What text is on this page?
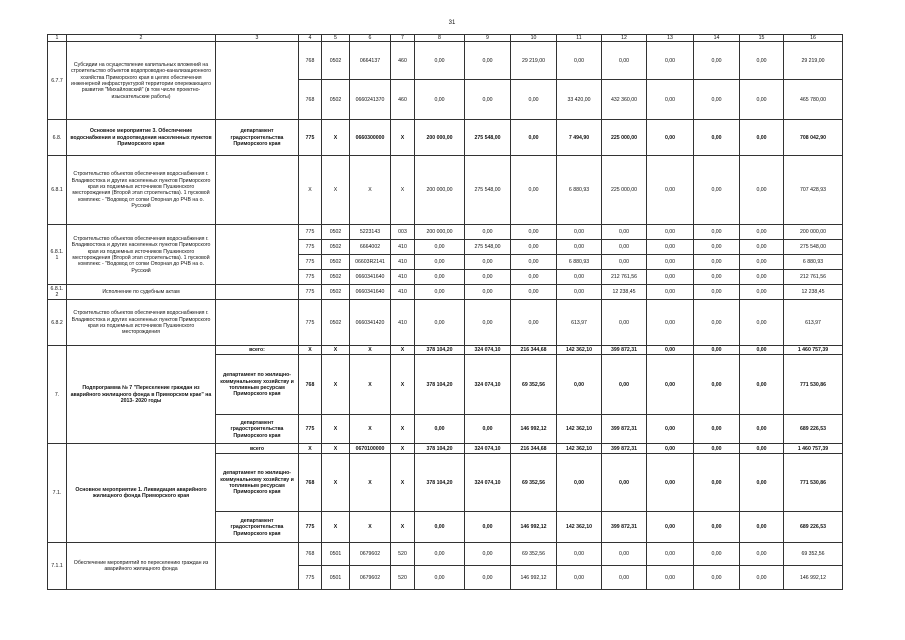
31
1	2	3	4	5	6	7	8	9	10	11	12	13	14	15	16
6.7.7	Субсидии на осуществление капитальных вложений на строительство объектов водопроводно-канализационного хозяйства Приморского края в целях обеспечения инженерной инфраструктурой территории опережающего развития "Михайловский" (в том числе проектно-изыскательские работы)		768	0502	0664137	460	0,00	0,00	29 219,00	0,00	0,00	0,00	0,00	0,00	29 219,00
			768	0502	0660241370	460	0,00	0,00	0,00	33 420,00	432 360,00	0,00	0,00	0,00	465 780,00
6.8.	Основное мероприятие 3. Обеспечение водоснабжения и водоотведения населенных пунктов Приморского края	департамент градостроительства Приморского края	775	X	0660300000	X	200 000,00	275 548,00	0,00	7 494,90	225 000,00	0,00	0,00	0,00	708 042,90
6.8.1	Строительство объектов обеспечения водоснабжения г. Владивостока и других населенных пунктов Приморского края из подземных источников Пушкинского месторождения (Второй этап строительства). 1 пусковой комплекс - "Водовод от сопки Опорная до РЧВ на о. Русский		X	X	X	X	200 000,00	275 548,00	0,00	6 880,93	225 000,00	0,00	0,00	0,00	707 428,93
6.8.1.1	Строительство объектов обеспечения водоснабжения г. Владивостока и других населенных пунктов Приморского края из подземных источников Пушкинского месторождения (Второй этап строительства). 1 пусковой комплекс - "Водовод от сопки Опорная до РЧВ на о. Русский		775	0502	5223143	003	200 000,00	0,00	0,00	0,00	0,00	0,00	0,00	0,00	200 000,00
			775	0502	6664002	410	0,00	275 548,00	0,00	0,00	0,00	0,00	0,00	0,00	275 548,00
			775	0502	06603R2141	410	0,00	0,00	0,00	6 880,93	0,00	0,00	0,00	0,00	6 880,93
			775	0502	0660341640	410	0,00	0,00	0,00	0,00	212 761,56	0,00	0,00	0,00	212 761,56
6.8.1.2	Исполнение по судебным актам		775	0502	0660341640	410	0,00	0,00	0,00	0,00	12 238,45	0,00	0,00	0,00	12 238,45
6.8.2	Строительство объектов обеспечения водоснабжения г. Владивостока и других населенных пунктов Приморского края из подземных источников Пушкинского месторождения		775	0502	0660341420	410	0,00	0,00	0,00	613,97	0,00	0,00	0,00	0,00	613,97
7.	Подпрограмма № 7 "Переселение граждан из аварийного жилищного фонда в Приморском крае" на 2013- 2020 годы	всего:	X	X	X	X	378 104,20	324 074,10	216 344,68	142 362,10	399 872,31	0,00	0,00	0,00	1 460 757,39
		департамент по жилищно-коммунальному хозяйству и топливным ресурсам Приморского края	768	X	X	X	378 104,20	324 074,10	69 352,56	0,00	0,00	0,00	0,00	0,00	771 530,86
		департамент градостроительства Приморского края	775	X	X	X	0,00	0,00	146 992,12	142 362,10	399 872,31	0,00	0,00	0,00	689 226,53
7.1.	Основное мероприятие 1. Ликвидация аварийного жилищного фонда Приморского края	всего	X	X	0670100000	X	378 104,20	324 074,10	216 344,68	142 362,10	399 872,31	0,00	0,00	0,00	1 460 757,39
		департамент по жилищно-коммунальному хозяйству и топливным ресурсам Приморского края	768	X	X	X	378 104,20	324 074,10	69 352,56	0,00	0,00	0,00	0,00	0,00	771 530,86
		департамент градостроительства Приморского края	775	X	X	X	0,00	0,00	146 992,12	142 362,10	399 872,31	0,00	0,00	0,00	689 226,53
7.1.1	Обеспечение мероприятий по переселению граждан из аварийного жилищного фонда		768	0501	0679602	520	0,00	0,00	69 352,56	0,00	0,00	0,00	0,00	0,00	69 352,56
			775	0501	0679602	520	0,00	0,00	146 992,12	0,00	0,00	0,00	0,00	0,00	146 992,12
